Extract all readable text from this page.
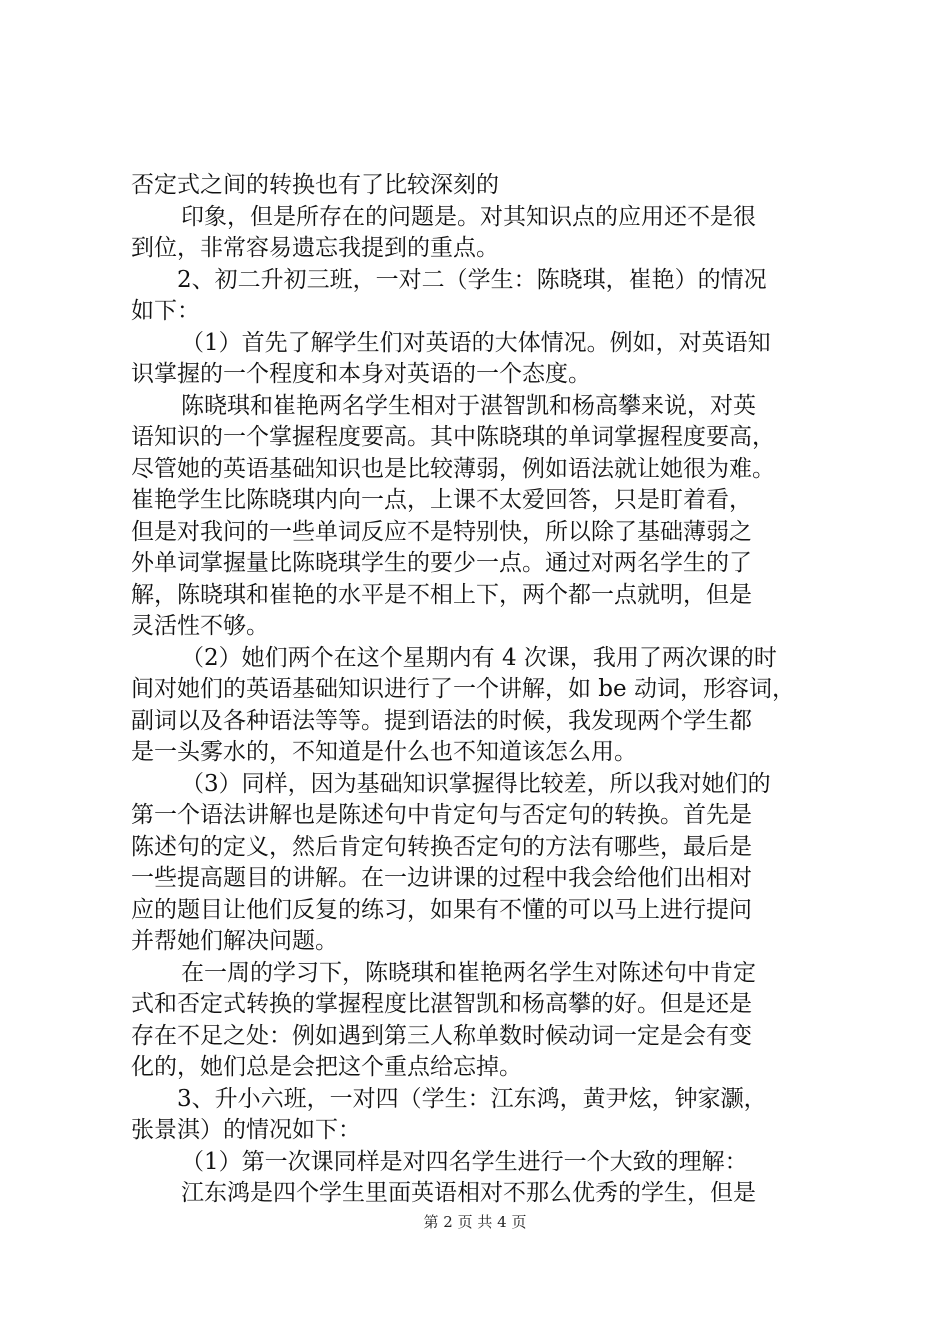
否定式之间的转换也有了比较深刻的
印象，但是所存在的问题是。对其知识点的应用还不是很
到位，非常容易遗忘我提到的重点。
2、初二升初三班，一对二（学生：陈晓琪，崔艳）的情况
如下：
（1）首先了解学生们对英语的大体情况。例如，对英语知
识掌握的一个程度和本身对英语的一个态度。
陈晓琪和崔艳两名学生相对于湛智凯和杨高攀来说，对英
语知识的一个掌握程度要高。其中陈晓琪的单词掌握程度要高，
尽管她的英语基础知识也是比较薄弱，例如语法就让她很为难。
崔艳学生比陈晓琪内向一点，上课不太爱回答，只是盯着看，
但是对我问的一些单词反应不是特别快，所以除了基础薄弱之
外单词掌握量比陈晓琪学生的要少一点。通过对两名学生的了
解，陈晓琪和崔艳的水平是不相上下，两个都一点就明，但是
灵活性不够。
（2）她们两个在这个星期内有 4 次课，我用了两次课的时
间对她们的英语基础知识进行了一个讲解，如 be 动词，形容词，
副词以及各种语法等等。提到语法的时候，我发现两个学生都
是一头雾水的，不知道是什么也不知道该怎么用。
（3）同样，因为基础知识掌握得比较差，所以我对她们的
第一个语法讲解也是陈述句中肯定句与否定句的转换。首先是
陈述句的定义，然后肯定句转换否定句的方法有哪些，最后是
一些提高题目的讲解。在一边讲课的过程中我会给他们出相对
应的题目让他们反复的练习，如果有不懂的可以马上进行提问
并帮她们解决问题。
在一周的学习下，陈晓琪和崔艳两名学生对陈述句中肯定
式和否定式转换的掌握程度比湛智凯和杨高攀的好。但是还是
存在不足之处：例如遇到第三人称单数时候动词一定是会有变
化的，她们总是会把这个重点给忘掉。
3、升小六班，一对四（学生：江东鸿，黄尹炫，钟家灏，
张景淇）的情况如下：
（1）第一次课同样是对四名学生进行一个大致的理解：
江东鸿是四个学生里面英语相对不那么优秀的学生，但是
第 2 页 共 4 页
